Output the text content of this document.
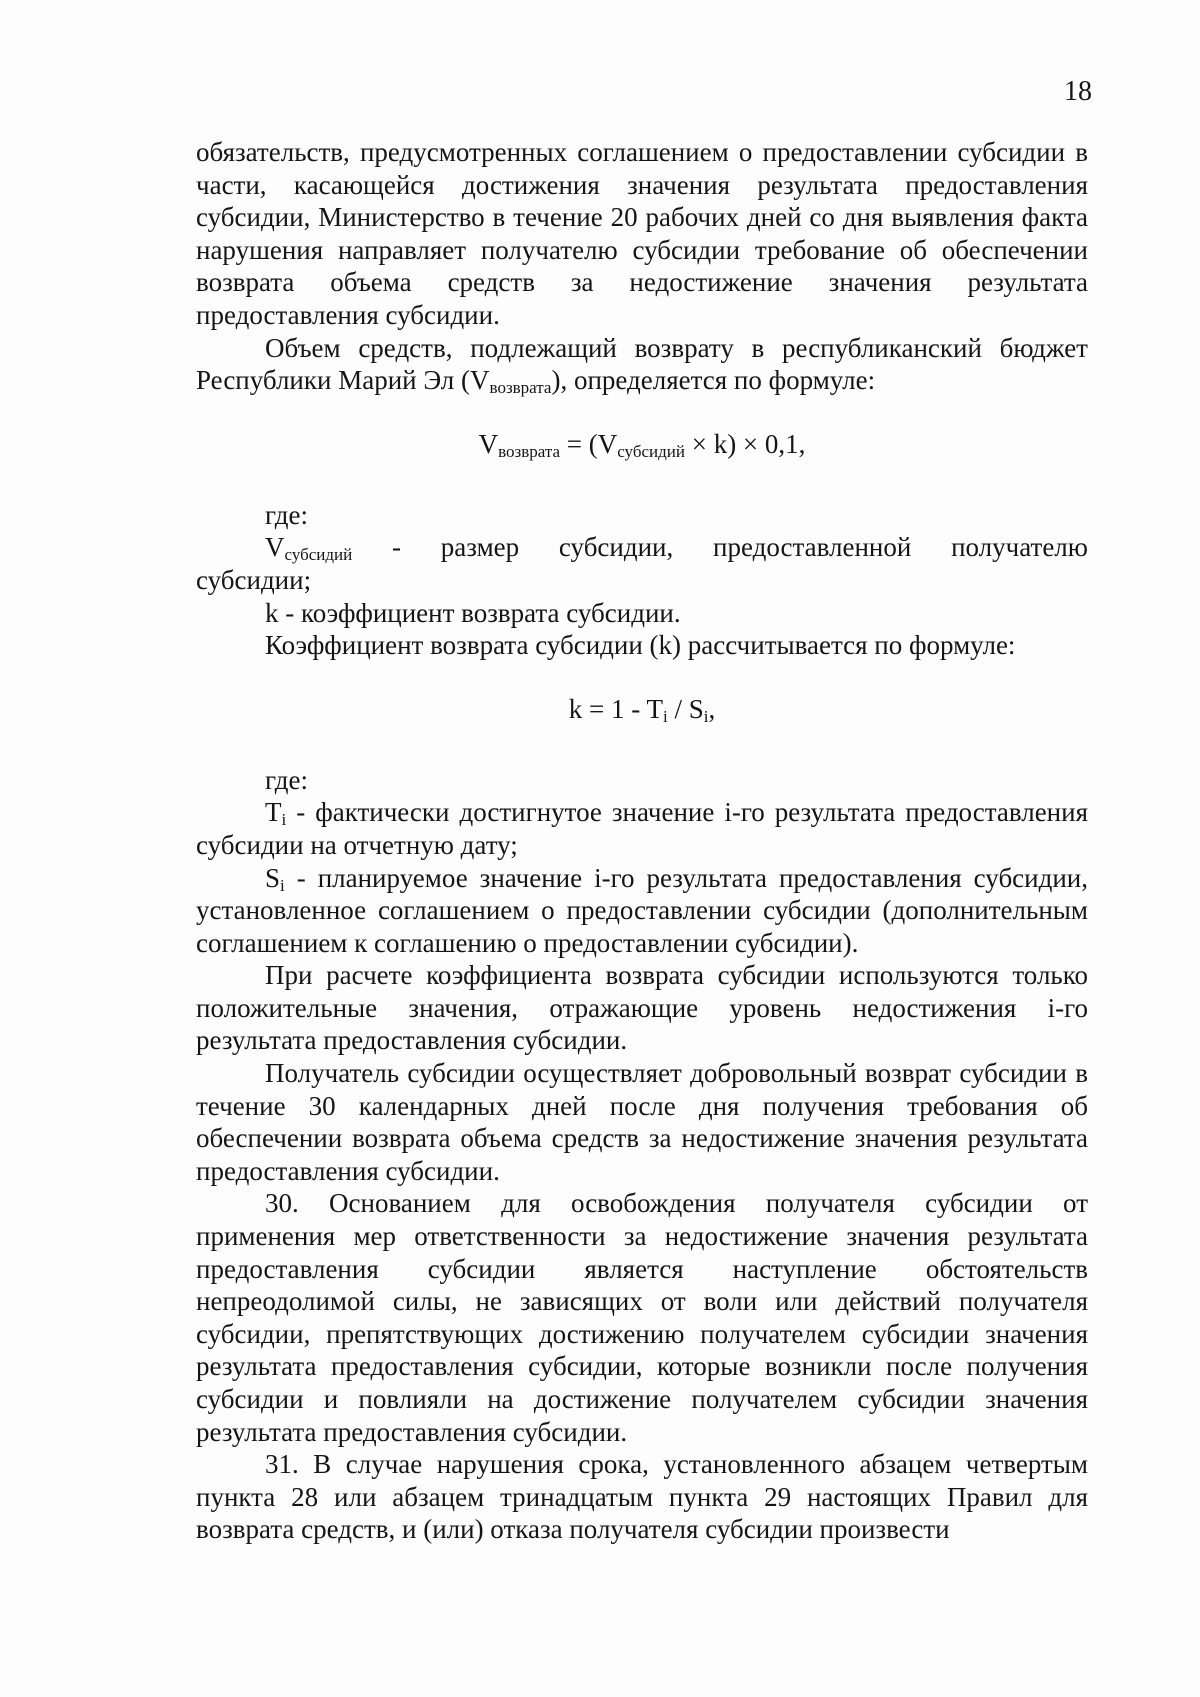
18

обязательств, предусмотренных соглашением о предоставлении субсидии в части, касающейся достижения значения результата предоставления субсидии, Министерство в течение 20 рабочих дней со дня выявления факта нарушения направляет получателю субсидии требование об обеспечении возврата объема средств за недостижение значения результата предоставления субсидии.

Объем средств, подлежащий возврату в республиканский бюджет Республики Марий Эл $(V_{возврата})$, определяется по формуле:

$V_{возврата} = (V_{субсидий} \times k) \times 0,1$,

где:

$V_{субсидий}$ - размер субсидии, предоставленной получателю

субсидии;

k - коэффициент возврата субсидии.

Коэффициент возврата субсидии (k) рассчитывается по формуле:

$k = 1 - T_i / S_i$,

где:

$T_i$ - фактически достигнутое значение i-го результата предоставления субсидии на отчетную дату;

$S_i$ - планируемое значение i-го результата предоставления субсидии, установленное соглашением о предоставлении субсидии (дополнительным соглашением к соглашению о предоставлении субсидии).

При расчете коэффициента возврата субсидии используются только положительные значения, отражающие уровень недостижения i-го результата предоставления субсидии.

Получатель субсидии осуществляет добровольный возврат субсидии в течение 30 календарных дней после дня получения требования об обеспечении возврата объема средств за недостижение значения результата предоставления субсидии.

30. Основанием для освобождения получателя субсидии от применения мер ответственности за недостижение значения результата предоставления субсидии является наступление обстоятельств непреодолимой силы, не зависящих от воли или действий получателя субсидии, препятствующих достижению получателем субсидии значения результата предоставления субсидии, которые возникли после получения субсидии и повлияли на достижение получателем субсидии значения результата предоставления субсидии.

31. В случае нарушения срока, установленного абзацем четвертым пункта 28 или абзацем тринадцатым пункта 29 настоящих Правил для возврата средств, и (или) отказа получателя субсидии произвести
